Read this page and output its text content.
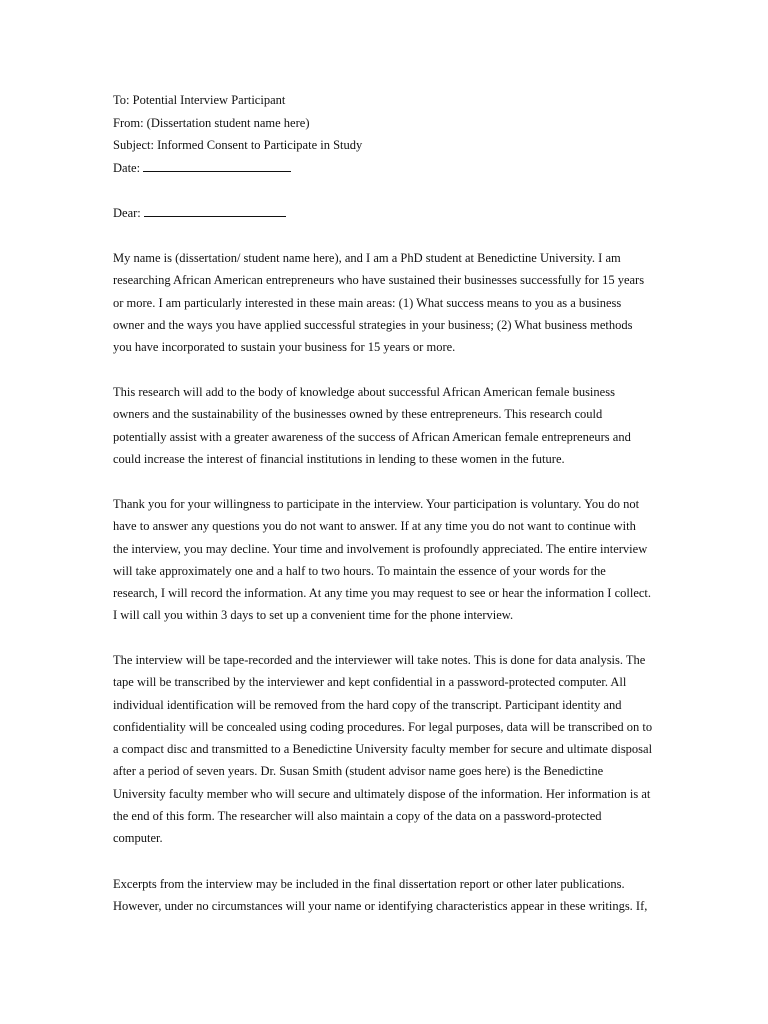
To: Potential Interview Participant
From: (Dissertation student name here)
Subject: Informed Consent to Participate in Study
Date:
Dear:
My name is (dissertation/ student name here), and I am a PhD student at Benedictine University. I am
researching African American entrepreneurs who have sustained their businesses successfully for 15 years
or more. I am particularly interested in these main areas: (1) What success means to you as a business
owner and the ways you have applied successful strategies in your business; (2) What business methods
you have incorporated to sustain your business for 15 years or more.
This research will add to the body of knowledge about successful African American female business
owners and the sustainability of the businesses owned by these entrepreneurs. This research could
potentially assist with a greater awareness of the success of African American female entrepreneurs and
could increase the interest of financial institutions in lending to these women in the future.
Thank you for your willingness to participate in the interview. Your participation is voluntary. You do not
have to answer any questions you do not want to answer. If at any time you do not want to continue with
the interview, you may decline. Your time and involvement is profoundly appreciated. The entire interview
will take approximately one and a half to two hours. To maintain the essence of your words for the
research, I will record the information. At any time you may request to see or hear the information I collect.
I will call you within 3 days to set up a convenient time for the phone interview.
The interview will be tape-recorded and the interviewer will take notes. This is done for data analysis. The
tape will be transcribed by the interviewer and kept confidential in a password-protected computer. All
individual identification will be removed from the hard copy of the transcript. Participant identity and
confidentiality will be concealed using coding procedures. For legal purposes, data will be transcribed on to
a compact disc and transmitted to a Benedictine University faculty member for secure and ultimate disposal
after a period of seven years. Dr. Susan Smith (student advisor name goes here) is the Benedictine
University faculty member who will secure and ultimately dispose of the information. Her information is at
the end of this form. The researcher will also maintain a copy of the data on a password-protected
computer.
Excerpts from the interview may be included in the final dissertation report or other later publications.
However, under no circumstances will your name or identifying characteristics appear in these writings. If,
